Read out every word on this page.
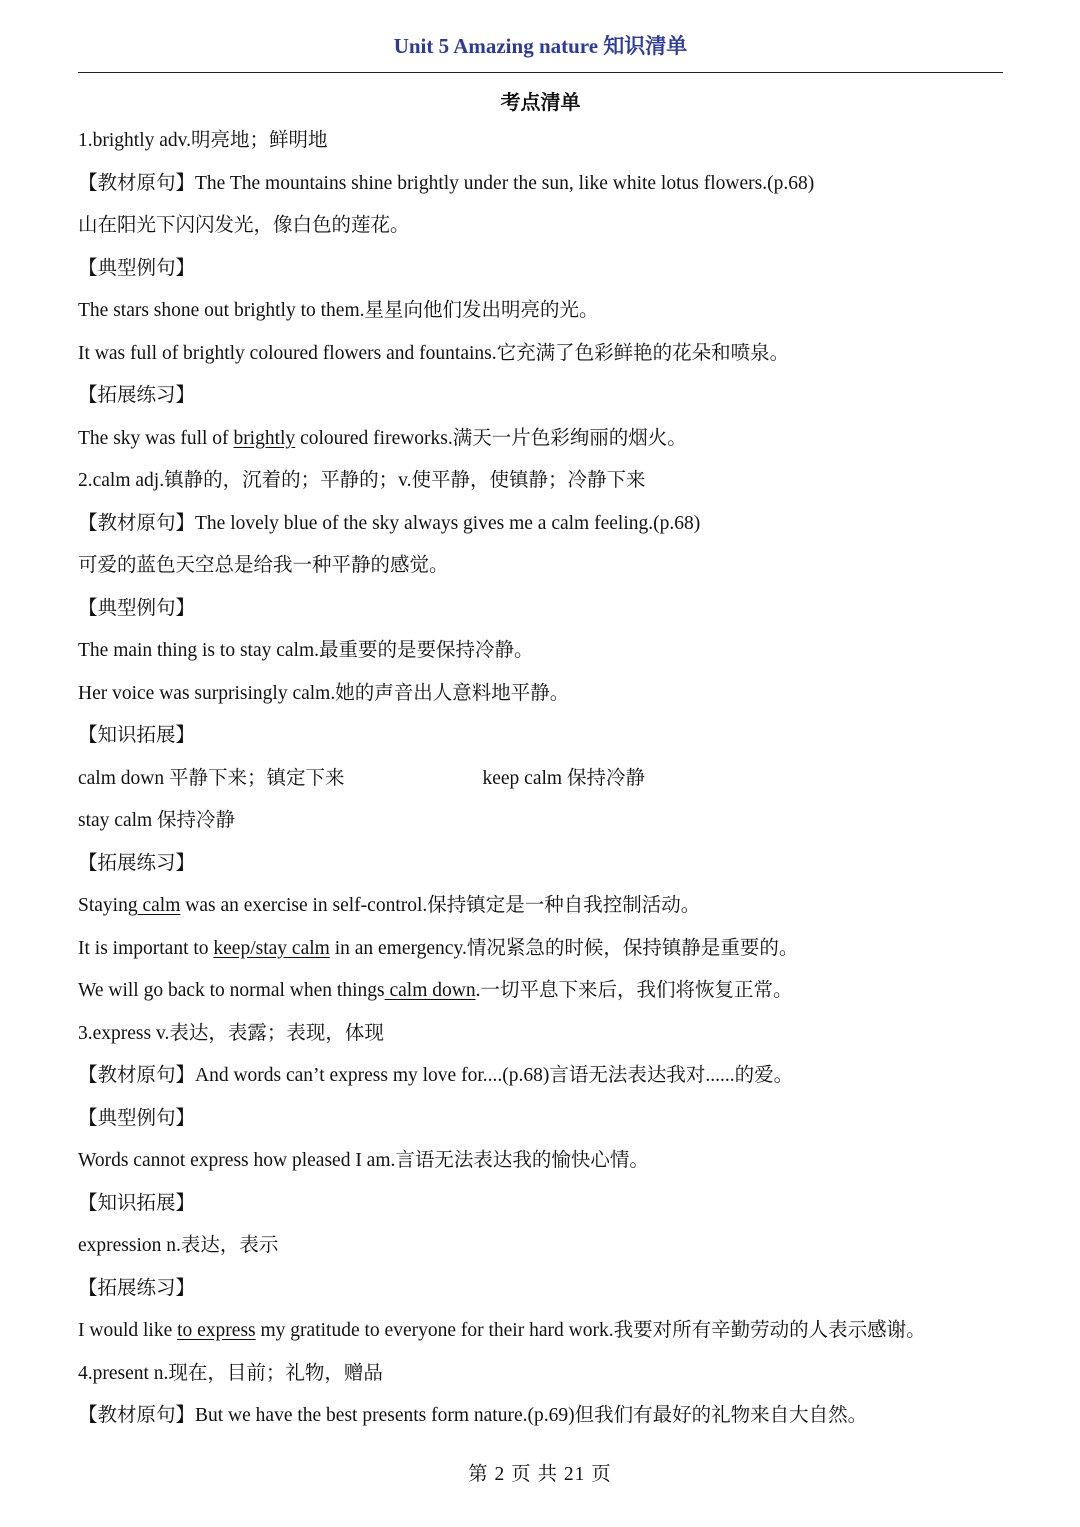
Unit 5 Amazing nature 知识清单
考点清单
1.brightly adv.明亮地；鲜明地
【教材原句】The The mountains shine brightly under the sun, like white lotus flowers.(p.68)
山在阳光下闪闪发光，像白色的莲花。
【典型例句】
The stars shone out brightly to them.星星向他们发出明亮的光。
It was full of brightly coloured flowers and fountains.它充满了色彩鲜艳的花朵和喷泉。
【拓展练习】
The sky was full of brightly coloured fireworks.满天一片色彩绚丽的烟火。
2.calm adj.镇静的，沉着的；平静的；v.使平静，使镇静；冷静下来
【教材原句】The lovely blue of the sky always gives me a calm feeling.(p.68)
可爱的蓝色天空总是给我一种平静的感觉。
【典型例句】
The main thing is to stay calm.最重要的是要保持冷静。
Her voice was surprisingly calm.她的声音出人意料地平静。
【知识拓展】
calm down 平静下来；镇定下来	keep calm 保持冷静
stay calm 保持冷静
【拓展练习】
Staying calm was an exercise in self-control.保持镇定是一种自我控制活动。
It is important to keep/stay calm in an emergency.情况紧急的时候，保持镇静是重要的。
We will go back to normal when things calm down.一切平息下来后，我们将恢复正常。
3.express v.表达，表露；表现，体现
【教材原句】And words can’t express my love for....(p.68)言语无法表达我对......的爱。
【典型例句】
Words cannot express how pleased I am.言语无法表达我的愉快心情。
【知识拓展】
expression n.表达，表示
【拓展练习】
I would like to express my gratitude to everyone for their hard work.我要对所有辛勤劳动的人表示感谢。
4.present n.现在，目前；礼物，赠品
【教材原句】But we have the best presents form nature.(p.69)但我们有最好的礼物来自大自然。
第 2 页 共 21 页
